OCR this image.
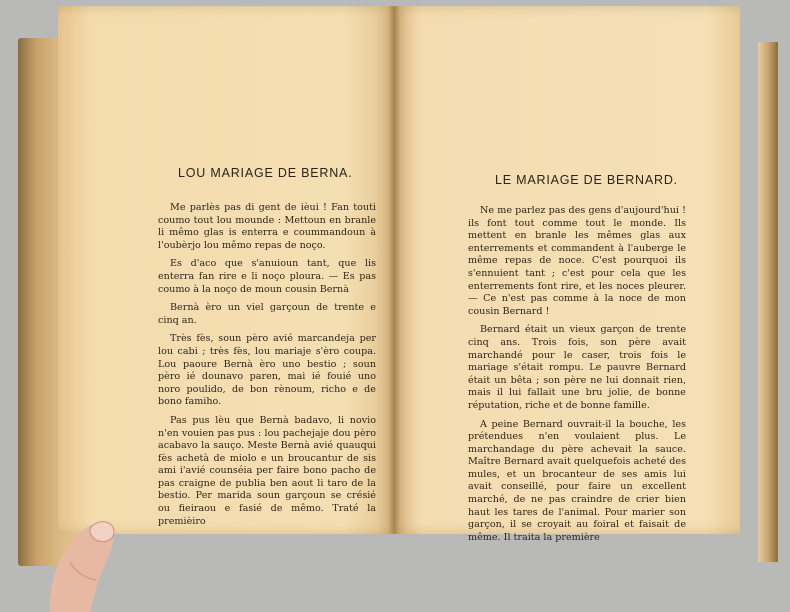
LOU MARIAGE DE BERNA.

Me parlès pas di gent de ièui ! Fan touti coumo tout lou mounde : Mettoun en branle li mêmo glas is enterra e coummandoun à l'oubèrjo lou mêmo repas de noço.

Es d'aco que s'anuioun tant, que lis enterra fan rire e li noço ploura. — Es pas coumo à la noço de moun cousin Bernà

Bernà èro un viel garçoun de trente e cinq an.

Très fès, soun pèro avié marcandeja per lou cabi ; très fès, lou mariaje s'èro coupa. Lou paoure Bernà èro uno bestio ; soun pèro ié dounavo paren, mai ié fouié uno noro poulido, de bon rènoum, richo e de bono famiho.

Pas pus lèu que Bernà badavo, li novio n'en vouien pas pus : lou pachejaje dou pèro acabavo la sauço. Meste Bernà avié quauqui fès achetà de miolo e un broucantur de sis ami i'avié counséia per faire bono pacho de pas craigne de publia ben aout li taro de la bestio. Per marida soun garçoun se crésié ou fieiraou e fasié de mêmo. Traté la premièiro

LE MARIAGE DE BERNARD.

Ne me parlez pas des gens d'aujourd'hui ! ils font tout comme tout le monde. Ils mettent en branle les mêmes glas aux enterrements et commandent à l'auberge le même repas de noce. C'est pourquoi ils s'ennuient tant ; c'est pour cela que les enterrements font rire, et les noces pleurer. — Ce n'est pas comme à la noce de mon cousin Bernard !

Bernard était un vieux garçon de trente cinq ans. Trois fois, son père avait marchandé pour le caser, trois fois le mariage s'était rompu. Le pauvre Bernard était un bêta ; son père ne lui donnait rien, mais il lui fallait une bru jolie, de bonne réputation, riche et de bonne famille.

A peine Bernard ouvrait-il la bouche, les prétendues n'en voulaient plus. Le marchandage du père achevait la sauce. Maître Bernard avait quelquefois acheté des mules, et un brocanteur de ses amis lui avait conseillé, pour faire un excellent marché, de ne pas craindre de crier bien haut les tares de l'animal. Pour marier son garçon, il se croyait au foiral et faisait de même. Il traita la première
